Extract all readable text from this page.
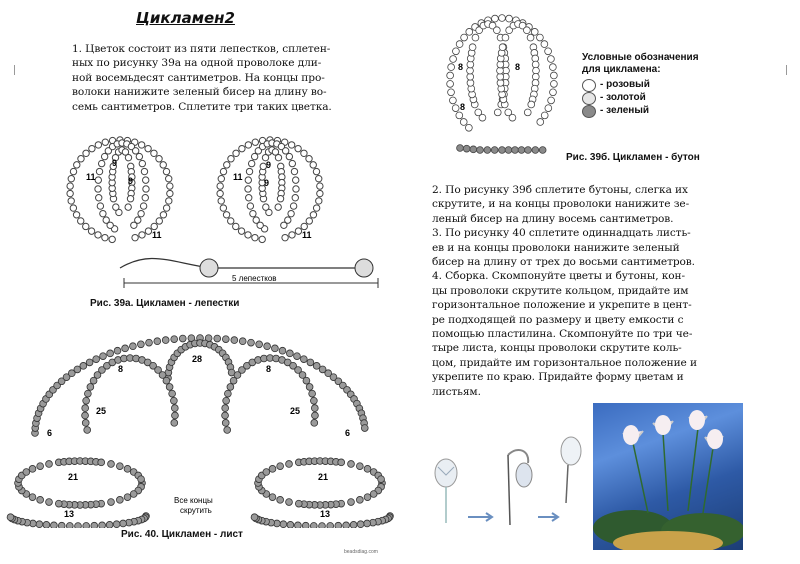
Цикламен2
1. Цветок состоит из пяти лепестков, сплетен-
ных по рисунку 39а на одной проволоке дли-
ной восемьдесят сантиметров. На концы про-
волоки нанижите зеленый бисер на длину во-
семь сантиметров. Сплетите три таких цветка.
5 лепестков
9
9
11
11
9
9
11
11
Рис. 39а. Цикламен - лепестки
28
8	8
25	25
6	6
21	21
13	13
Все концы
скрутить
Рис. 40. Цикламен - лист
beadsdiag.com
8	8
8
Условные обозначения
для цикламена:
- розовый
- золотой
- зеленый
Рис. 39б. Цикламен - бутон
2. По рисунку 39б сплетите бутоны, слегка их
скрутите, и на концы проволоки нанижите зе-
леный бисер на длину восемь сантиметров.
3. По рисунку 40 сплетите одиннадцать листь-
ев и на концы проволоки нанижите зеленый
бисер на длину от трех до восьми сантиметров.
4. Сборка. Скомпонуйте цветы и бутоны, кон-
цы проволоки скрутите кольцом, придайте им
горизонтальное положение и укрепите в цент-
ре подходящей по размеру и цвету емкости с
помощью пластилина. Скомпонуйте по три че-
тыре листа, концы проволоки скрутите коль-
цом, придайте им горизонтальное положение и
укрепите по краю. Придайте форму цветам и
листьям.
